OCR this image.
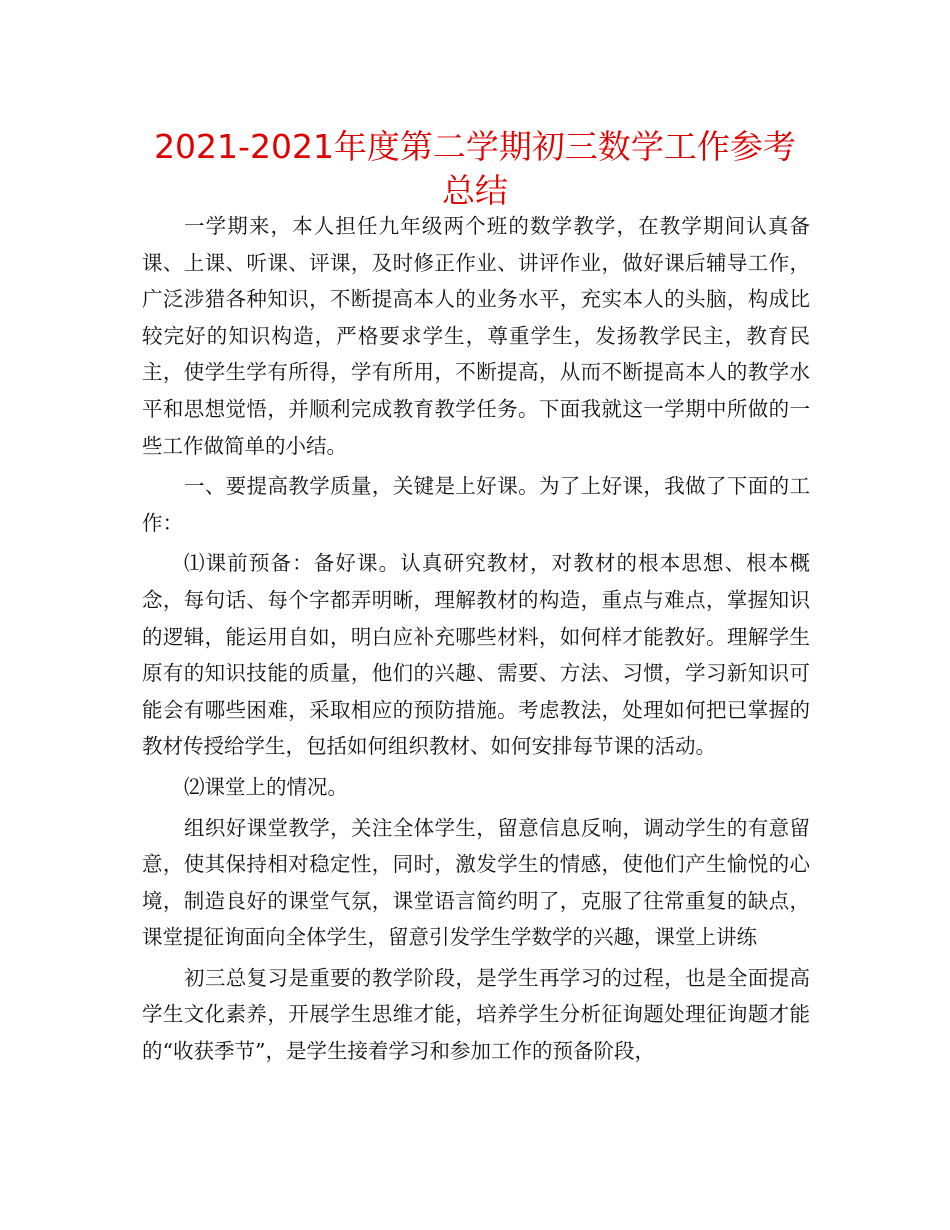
2021-2021年度第二学期初三数学工作参考总结

一学期来，本人担任九年级两个班的数学教学，在教学期间认真备课、上课、听课、评课，及时修正作业、讲评作业，做好课后辅导工作，广泛涉猎各种知识，不断提高本人的业务水平，充实本人的头脑，构成比较完好的知识构造，严格要求学生，尊重学生，发扬教学民主，教育民主，使学生学有所得，学有所用，不断提高，从而不断提高本人的教学水平和思想觉悟，并顺利完成教育教学任务。下面我就这一学期中所做的一些工作做简单的小结。

一、要提高教学质量，关键是上好课。为了上好课，我做了下面的工作：

⑴课前预备：备好课。认真研究教材，对教材的根本思想、根本概念，每句话、每个字都弄明晰，理解教材的构造，重点与难点，掌握知识的逻辑，能运用自如，明白应补充哪些材料，如何样才能教好。理解学生原有的知识技能的质量，他们的兴趣、需要、方法、习惯，学习新知识可能会有哪些困难，采取相应的预防措施。考虑教法，处理如何把已掌握的教材传授给学生，包括如何组织教材、如何安排每节课的活动。

⑵课堂上的情况。

组织好课堂教学，关注全体学生，留意信息反响，调动学生的有意留意，使其保持相对稳定性，同时，激发学生的情感，使他们产生愉悦的心境，制造良好的课堂气氛，课堂语言简约明了，克服了往常重复的缺点，课堂提征询面向全体学生，留意引发学生学数学的兴趣，课堂上讲练

初三总复习是重要的教学阶段，是学生再学习的过程，也是全面提高学生文化素养，开展学生思维才能，培养学生分析征询题处理征询题才能的“收获季节”，是学生接着学习和参加工作的预备阶段，
